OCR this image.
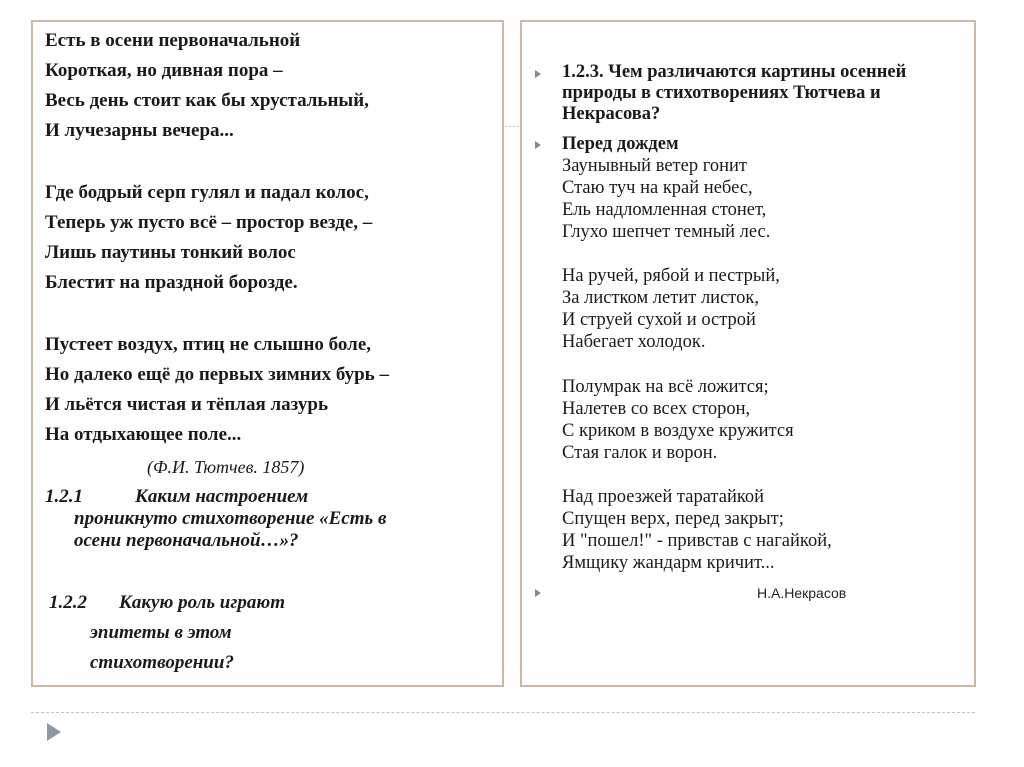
Есть в осени первоначальной
Короткая, но дивная пора –
Весь день стоит как бы хрустальный,
И лучезарны вечера...
Где бодрый серп гулял и падал колос,
Теперь уж пусто всё – простор везде, –
Лишь паутины тонкий волос
Блестит на праздной борозде.
Пустеет воздух, птиц не слышно боле,
Но далеко ещё до первых зимних бурь –
И льётся чистая и тёплая лазурь
На отдыхающее поле...
(Ф.И. Тютчев. 1857)
1.2.1	Каким настроением
проникнуто стихотворение «Есть в
осени первоначальной…»?
1.2.2 Какую роль играют
эпитеты в этом
стихотворении?
1.2.3. Чем различаются картины осенней природы в стихотворениях Тютчева и Некрасова?
Перед дождем
Заунывный ветер гонит
Стаю туч на край небес,
Ель надломленная стонет,
Глухо шепчет темный лес.
На ручей, рябой и пестрый,
За листком летит листок,
И струей сухой и острой
Набегает холодок.
Полумрак на всё ложится;
Налетев со всех сторон,
С криком в воздухе кружится
Стая галок и ворон.
Над проезжей таратайкой
Спущен верх, перед закрыт;
И "пошел!" - привстав с нагайкой,
Ямщику жандарм кричит...
Н.А.Некрасов
